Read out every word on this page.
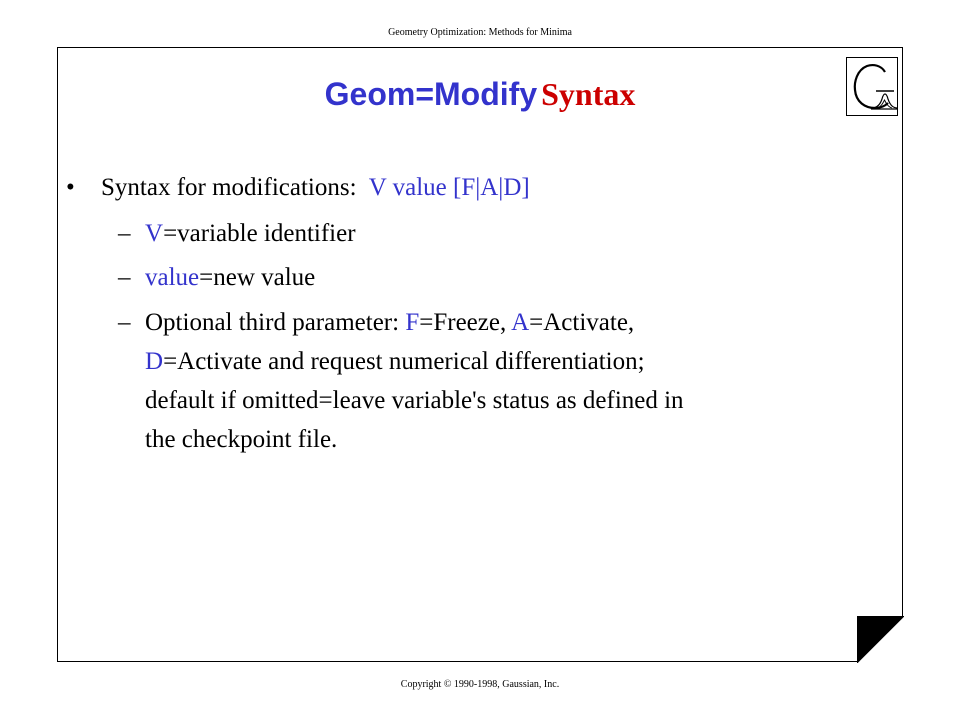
Geometry Optimization: Methods for Minima
Geom=Modify Syntax
• Syntax for modifications: V value [F|A|D]
– V=variable identifier
– value=new value
– Optional third parameter: F=Freeze, A=Activate,
D=Activate and request numerical differentiation;
default if omitted=leave variable's status as defined in
the checkpoint file.
Copyright © 1990-1998, Gaussian, Inc.
